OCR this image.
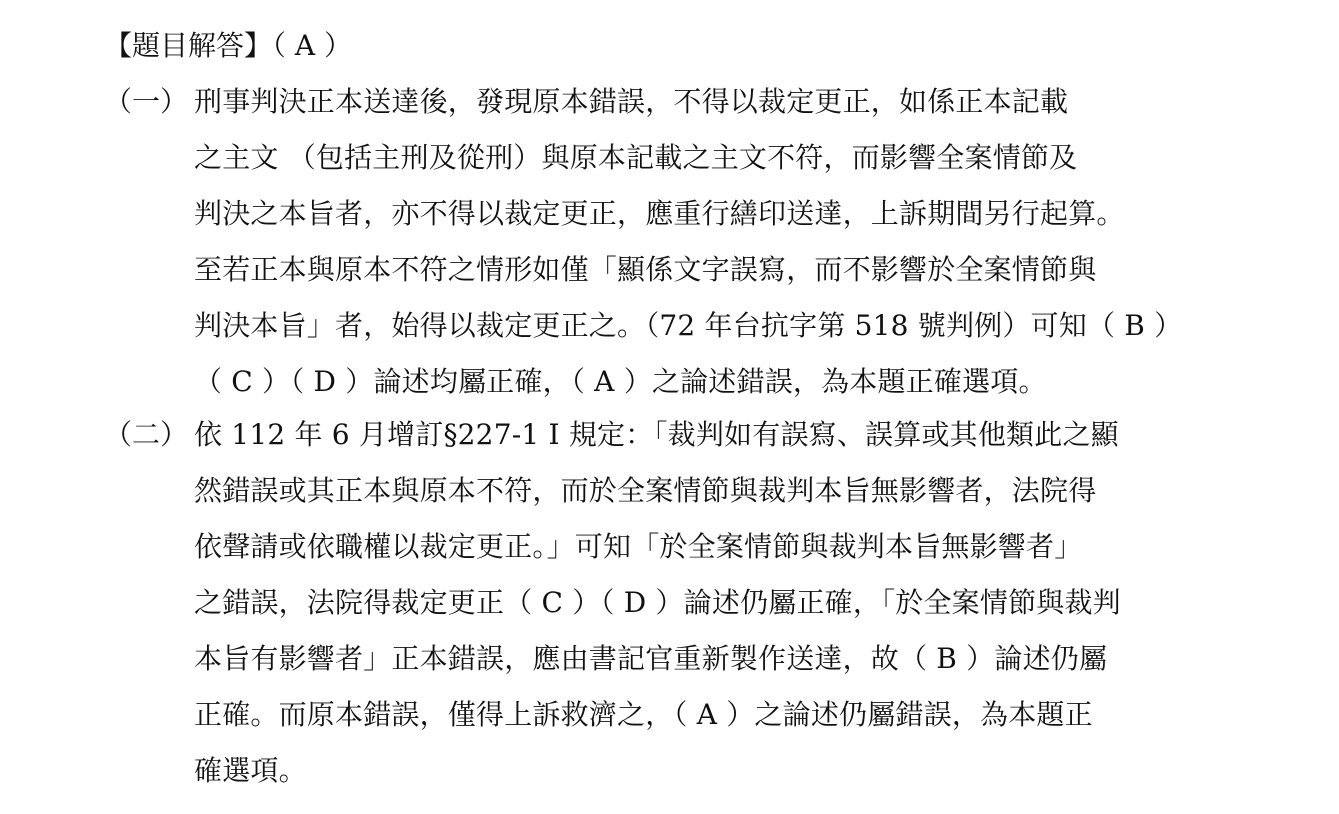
【題目解答】（ A ）
（一） 刑事判決正本送達後，發現原本錯誤，不得以裁定更正，如係正本記載
之主文 （包括主刑及從刑）與原本記載之主文不符，而影響全案情節及
判決之本旨者，亦不得以裁定更正，應重行繕印送達，上訴期間另行起算。
至若正本與原本不符之情形如僅「顯係文字誤寫，而不影響於全案情節與
判決本旨」者，始得以裁定更正之。（72 年台抗字第 518 號判例）可知（ B ）
（ C ）（ D ）論述均屬正確，（ A ）之論述錯誤，為本題正確選項。
（二） 依 112 年 6 月增訂§227-1 I 規定：「裁判如有誤寫、誤算或其他類此之顯
然錯誤或其正本與原本不符，而於全案情節與裁判本旨無影響者，法院得
依聲請或依職權以裁定更正。」可知「於全案情節與裁判本旨無影響者」
之錯誤，法院得裁定更正（ C ）（ D ）論述仍屬正確，「於全案情節與裁判
本旨有影響者」正本錯誤，應由書記官重新製作送達，故（ B ）論述仍屬
正確。而原本錯誤，僅得上訴救濟之，（ A ）之論述仍屬錯誤，為本題正
確選項。
